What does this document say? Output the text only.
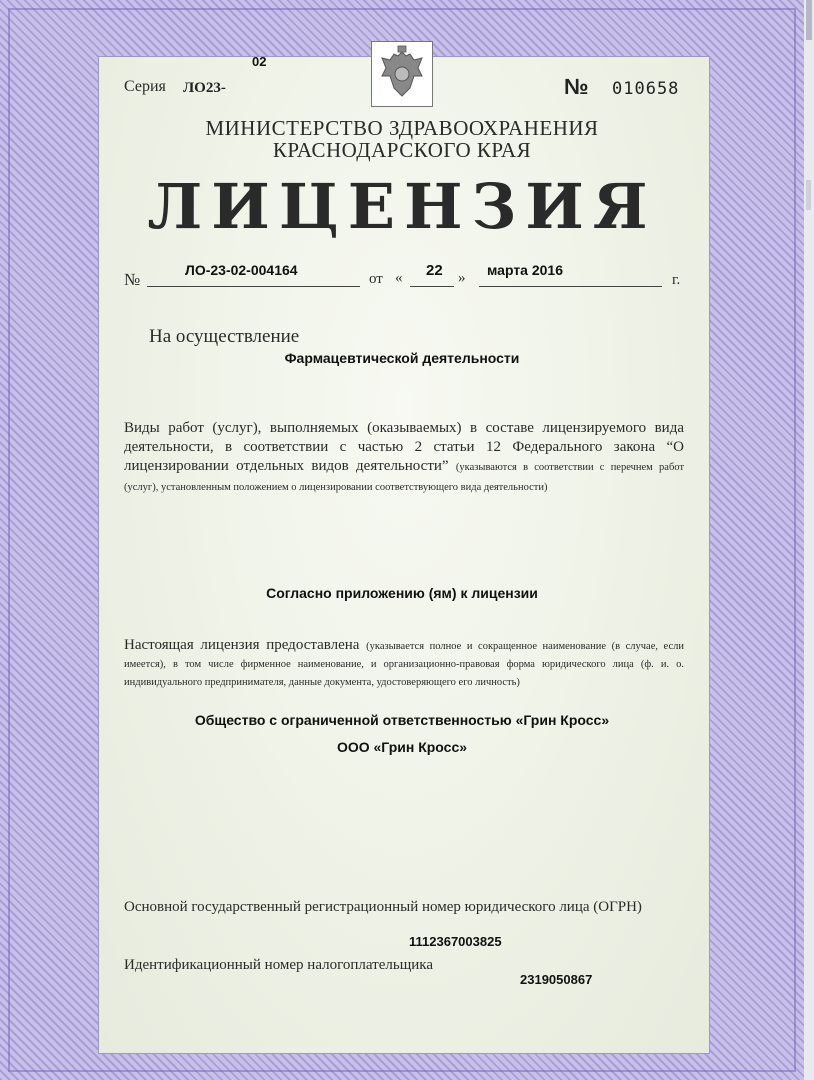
Серия ЛО23-
02
№ 010658
МИНИСТЕРСТВО ЗДРАВООХРАНЕНИЯ
КРАСНОДАРСКОГО КРАЯ
ЛИЦЕНЗИЯ
№	ЛО-23-02-004164
от « 22 » марта 2016
г.
На осуществление
Фармацевтической деятельности
Виды работ (услуг), выполняемых (оказываемых) в составе лицензируемого вида деятельности, в соответствии с частью 2 статьи 12 Федерального закона “О лицензировании отдельных видов деятельности” (указываются в соответствии с перечнем работ (услуг), установленным положением о лицензировании соответствующего вида деятельности)
Согласно приложению (ям) к лицензии
Настоящая лицензия предоставлена (указывается полное и сокращенное наименование (в случае, если имеется), в том числе фирменное наименование, и организационно-правовая форма юридического лица (ф. и. о. индивидуального предпринимателя, данные документа, удостоверяющего его личность)
Общество с ограниченной ответственностью «Грин Кросс»
ООО «Грин Кросс»
Основной государственный регистрационный номер юридического лица (ОГРН)
1112367003825
Идентификационный номер налогоплательщика
2319050867
